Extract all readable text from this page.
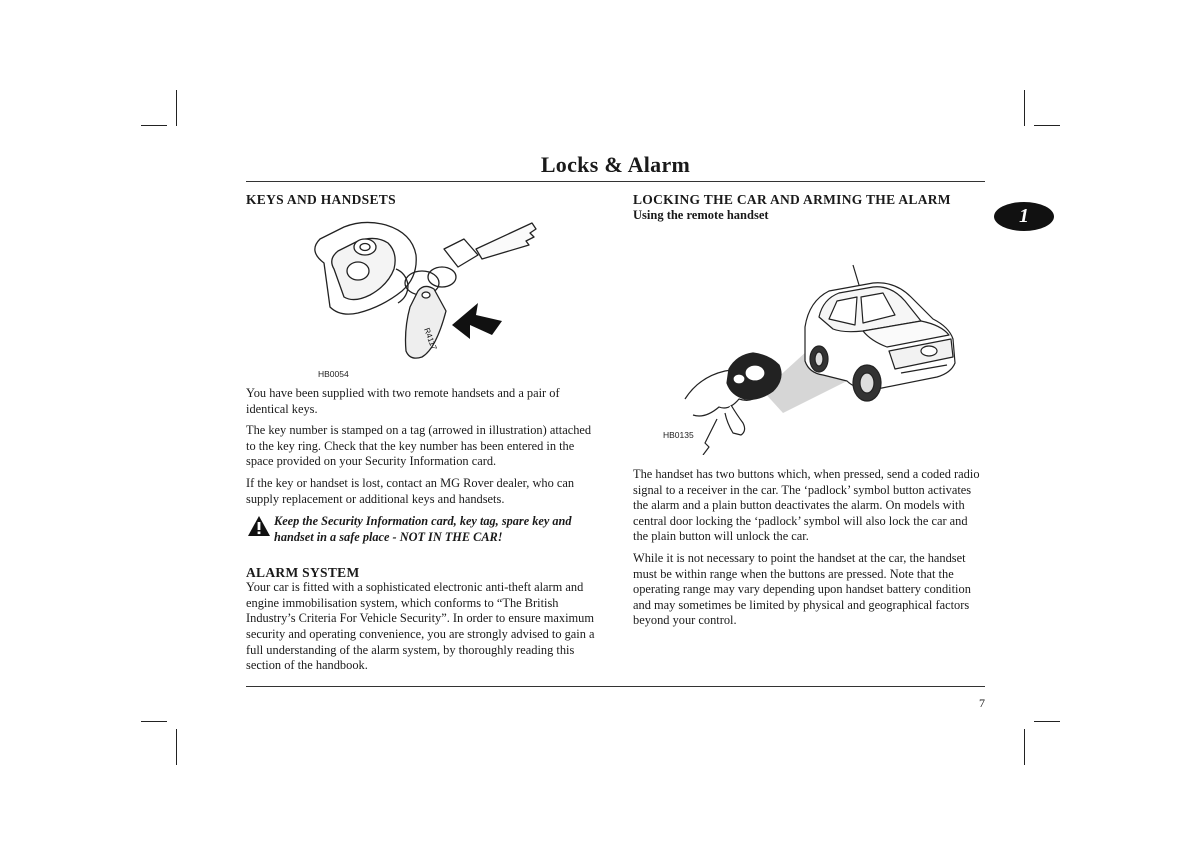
Locks & Alarm
1
KEYS AND HANDSETS
R4117
HB0054

You have been supplied with two remote handsets and a pair of identical keys.

The key number is stamped on a tag (arrowed in illustration) attached to the key ring. Check that the key number has been entered in the space provided on your Security Information card.

If the key or handset is lost, contact an MG Rover dealer, who can supply replacement or additional keys and handsets.

Keep the Security Information card, key tag, spare key and handset in a safe place - NOT IN THE CAR!
ALARM SYSTEM

Your car is fitted with a sophisticated electronic anti-theft alarm and engine immobilisation system, which conforms to “The British Industry’s Criteria For Vehicle Security”. In order to ensure maximum security and operating convenience, you are strongly advised to gain a full understanding of the alarm system, by thoroughly reading this section of the handbook.

LOCKING THE CAR AND ARMING THE ALARM
Using the remote handset
HB0135

The handset has two buttons which, when pressed, send a coded radio signal to a receiver in the car. The ‘padlock’ symbol button activates the alarm and a plain button deactivates the alarm. On models with central door locking the ‘padlock’ symbol will also lock the car and the plain button will unlock the car.

While it is not necessary to point the handset at the car, the handset must be within range when the buttons are pressed. Note that the operating range may vary depending upon handset battery condition and may sometimes be limited by physical and geographical factors beyond your control.

7
